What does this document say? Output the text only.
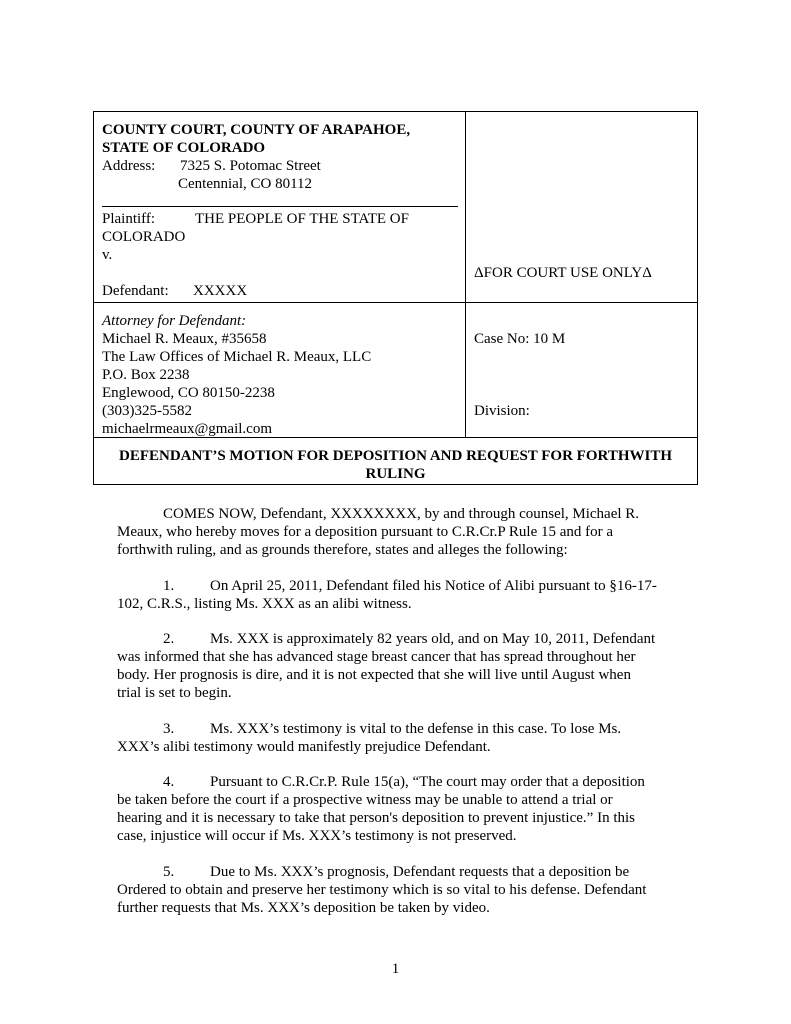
COUNTY COURT, COUNTY OF ARAPAHOE,
STATE OF COLORADO
Address: 7325 S. Potomac Street
Centennial, CO 80112
Plaintiff:	THE PEOPLE OF THE STATE OF
COLORADO
v.
Defendant: XXXXX
ΔFOR COURT USE ONLYΔ
Attorney for Defendant:
Michael R. Meaux, #35658
The Law Offices of Michael R. Meaux, LLC
P.O. Box 2238
Englewood, CO 80150-2238
(303)325-5582
michaelrmeaux@gmail.com
Case No: 10 M
Division:
DEFENDANT’S MOTION FOR DEPOSITION AND REQUEST FOR FORTHWITH
RULING
COMES NOW, Defendant, XXXXXXXX, by and through counsel, Michael R.
Meaux, who hereby moves for a deposition pursuant to C.R.Cr.P Rule 15 and for a
forthwith ruling, and as grounds therefore, states and alleges the following:
1. On April 25, 2011, Defendant filed his Notice of Alibi pursuant to §16-17-
102, C.R.S., listing Ms. XXX as an alibi witness.
2. Ms. XXX is approximately 82 years old, and on May 10, 2011, Defendant
was informed that she has advanced stage breast cancer that has spread throughout her
body. Her prognosis is dire, and it is not expected that she will live until August when
trial is set to begin.
3. Ms. XXX’s testimony is vital to the defense in this case. To lose Ms.
XXX’s alibi testimony would manifestly prejudice Defendant.
4. Pursuant to C.R.Cr.P. Rule 15(a), “The court may order that a deposition
be taken before the court if a prospective witness may be unable to attend a trial or
hearing and it is necessary to take that person's deposition to prevent injustice.” In this
case, injustice will occur if Ms. XXX’s testimony is not preserved.
5. Due to Ms. XXX’s prognosis, Defendant requests that a deposition be
Ordered to obtain and preserve her testimony which is so vital to his defense. Defendant
further requests that Ms. XXX’s deposition be taken by video.
1
